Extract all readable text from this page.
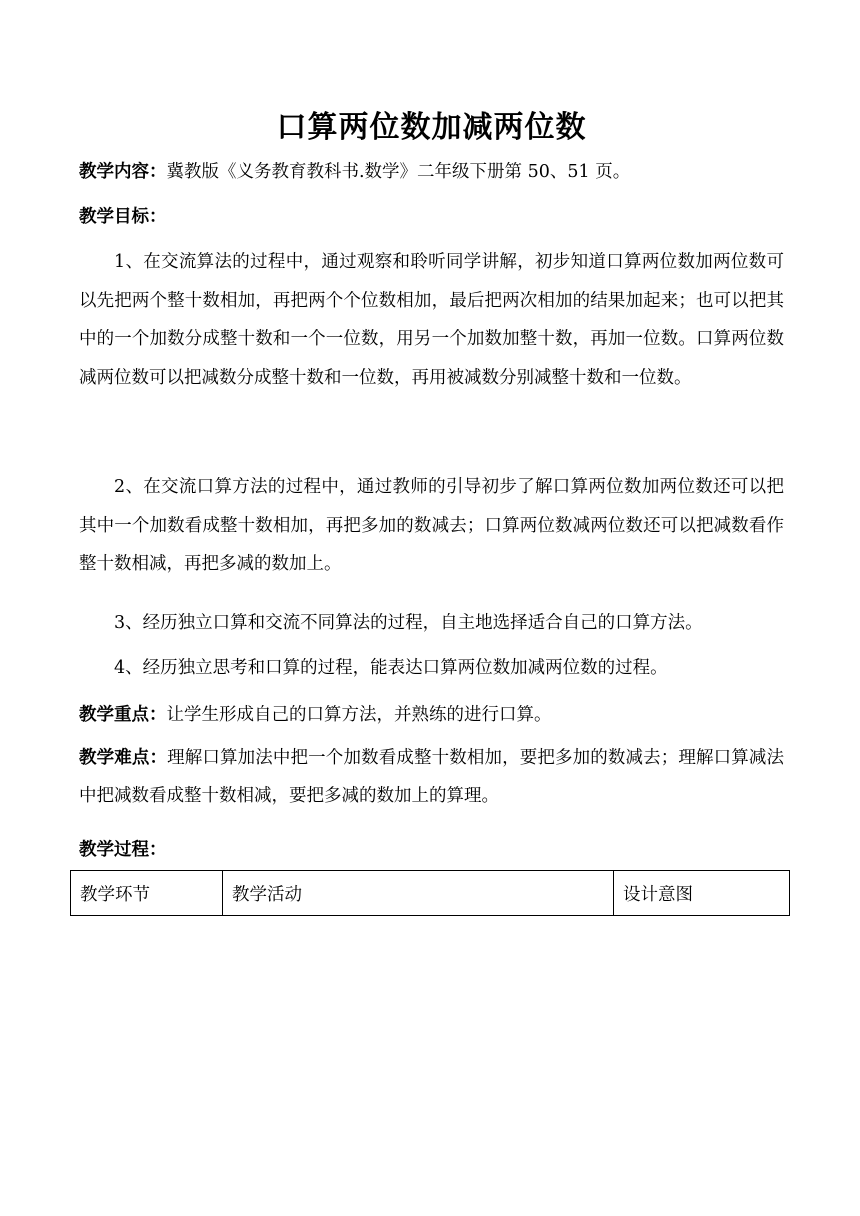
口算两位数加减两位数
教学内容：冀教版《义务教育教科书.数学》二年级下册第 50、51 页。
教学目标：
1、在交流算法的过程中，通过观察和聆听同学讲解，初步知道口算两位数加两位数可以先把两个整十数相加，再把两个个位数相加，最后把两次相加的结果加起来；也可以把其中的一个加数分成整十数和一个一位数，用另一个加数加整十数，再加一位数。口算两位数减两位数可以把减数分成整十数和一位数，再用被减数分别减整十数和一位数。
2、在交流口算方法的过程中，通过教师的引导初步了解口算两位数加两位数还可以把其中一个加数看成整十数相加，再把多加的数减去；口算两位数减两位数还可以把减数看作整十数相减，再把多减的数加上。
3、经历独立口算和交流不同算法的过程，自主地选择适合自己的口算方法。
4、经历独立思考和口算的过程，能表达口算两位数加减两位数的过程。
教学重点：让学生形成自己的口算方法，并熟练的进行口算。
教学难点：理解口算加法中把一个加数看成整十数相加，要把多加的数减去；理解口算减法中把减数看成整十数相减，要把多减的数加上的算理。
教学过程：
教学环节	教学活动	设计意图
